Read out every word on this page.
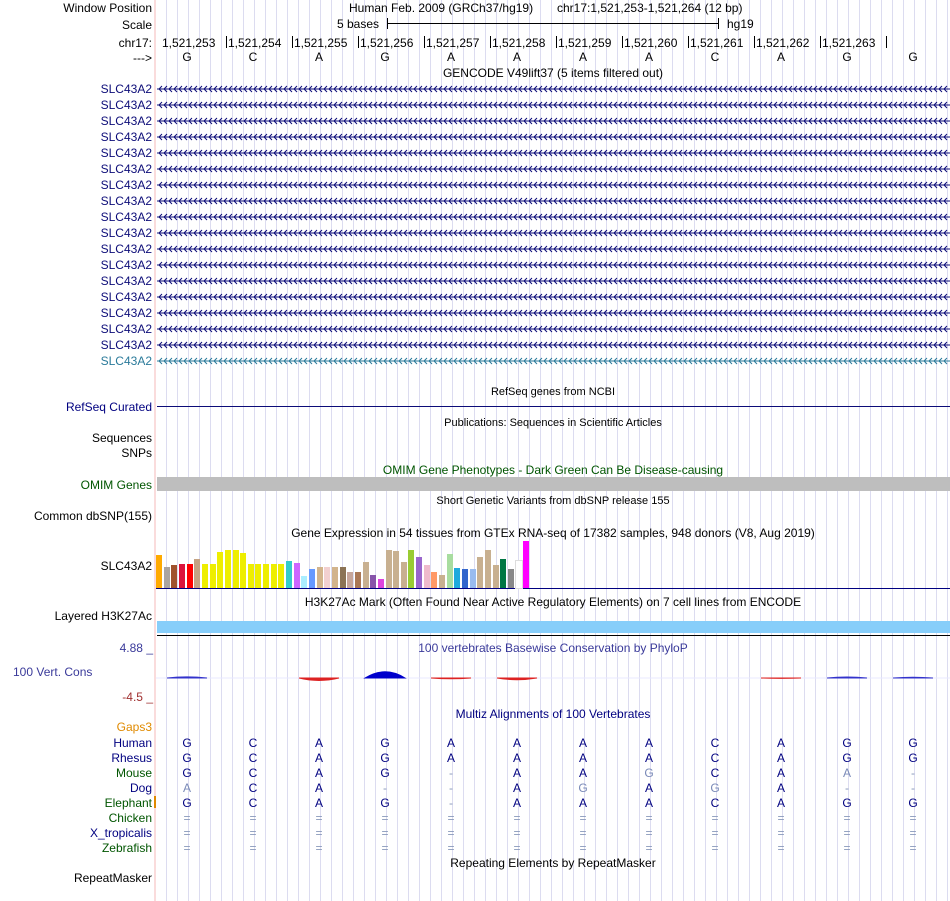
Window Position
Scale
chr17:
--->
Human Feb. 2009 (GRCh37/hg19) chr17:1,521,253-1,521,264 (12 bp)
5 bases	hg19
1,521,253 1,521,254 1,521,255 1,521,256 1,521,257 1,521,258 1,521,259 1,521,260 1,521,261 1,521,262 1,521,263
G	C	A	G	A	A	A	A	C	A	G	G
GENCODE V49lift37 (5 items filtered out)
SLC43A2
SLC43A2
SLC43A2
SLC43A2
SLC43A2
SLC43A2
SLC43A2
SLC43A2
SLC43A2
SLC43A2
SLC43A2
SLC43A2
SLC43A2
SLC43A2
SLC43A2
SLC43A2
SLC43A2
SLC43A2
RefSeq genes from NCBI
RefSeq Curated
Publications: Sequences in Scientific Articles
Sequences
SNPs
OMIM Gene Phenotypes - Dark Green Can Be Disease-causing
OMIM Genes
Short Genetic Variants from dbSNP release 155
Common dbSNP(155)
Gene Expression in 54 tissues from GTEx RNA-seq of 17382 samples, 948 donors (V8, Aug 2019)
SLC43A2
H3K27Ac Mark (Often Found Near Active Regulatory Elements) on 7 cell lines from ENCODE
Layered H3K27Ac
100 vertebrates Basewise Conservation by PhyloP
4.88 _
100 Vert. Cons
-4.5 _
Multiz Alignments of 100 Vertebrates
Gaps3
Human	G	C	A	G	A	A	A	A	C	A	G	G
Rhesus	G	C	A	G	A	A	A	A	C	A	G	G
Mouse	G	C	A	G	-	A	A	G	C	A	A	-
Dog	A	C	A	-	-	A	G	A	G	A	-	-
Elephant	G	C	A	G	-	A	A	A	C	A	G	G
Chicken	=	=	=	=	=	=	=	=	=	=	=	=
X_tropicalis	=	=	=	=	=	=	=	=	=	=	=	=
Zebrafish	=	=	=	=	=	=	=	=	=	=	=	=
Repeating Elements by RepeatMasker
RepeatMasker
